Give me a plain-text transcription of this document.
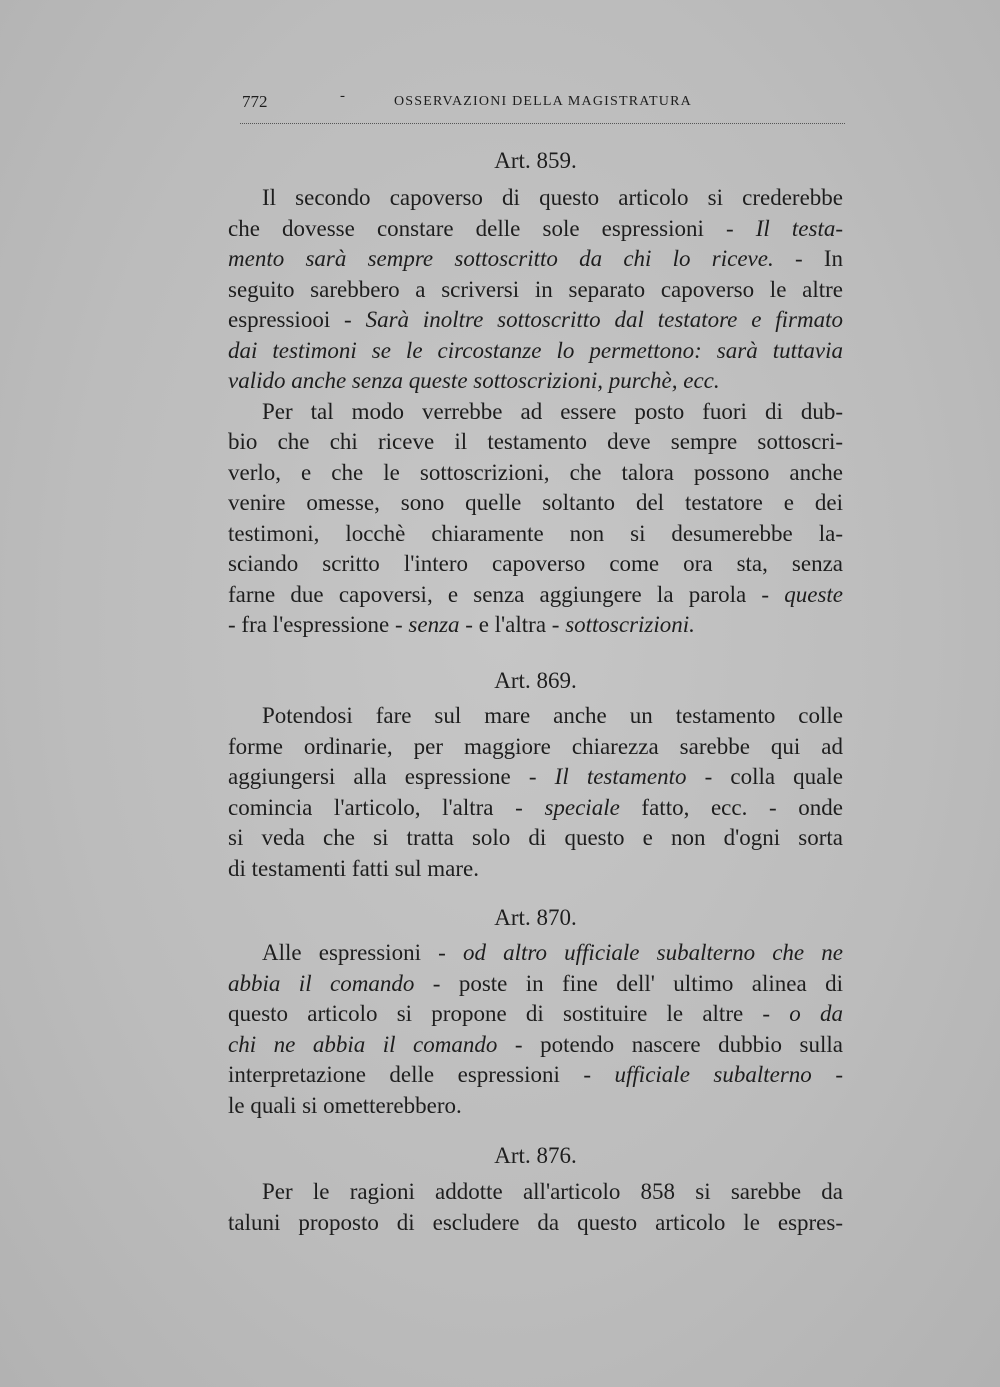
772	-	OSSERVAZIONI DELLA MAGISTRATURA
Art. 859.
Il secondo capoverso di questo articolo si crederebbe
che dovesse constare delle sole espressioni - Il testa-
mento sarà sempre sottoscritto da chi lo riceve. - In
seguito sarebbero a scriversi in separato capoverso le altre
espressiooi - Sarà inoltre sottoscritto dal testatore e firmato
dai testimoni se le circostanze lo permettono: sarà tuttavia
valido anche senza queste sottoscrizioni, purchè, ecc.
Per tal modo verrebbe ad essere posto fuori di dub-
bio che chi riceve il testamento deve sempre sottoscri-
verlo, e che le sottoscrizioni, che talora possono anche
venire omesse, sono quelle soltanto del testatore e dei
testimoni, locchè chiaramente non si desumerebbe la-
sciando scritto l'intero capoverso come ora sta, senza
farne due capoversi, e senza aggiungere la parola - queste
- fra l'espressione - senza - e l'altra - sottoscrizioni.
Art. 869.
Potendosi fare sul mare anche un testamento colle
forme ordinarie, per maggiore chiarezza sarebbe qui ad
aggiungersi alla espressione - Il testamento - colla quale
comincia l'articolo, l'altra - speciale fatto, ecc. - onde
si veda che si tratta solo di questo e non d'ogni sorta
di testamenti fatti sul mare.
Art. 870.
Alle espressioni - od altro ufficiale subalterno che ne
abbia il comando - poste in fine dell' ultimo alinea di
questo articolo si propone di sostituire le altre - o da
chi ne abbia il comando - potendo nascere dubbio sulla
interpretazione delle espressioni - ufficiale subalterno -
le quali si ometterebbero.
Art. 876.
Per le ragioni addotte all'articolo 858 si sarebbe da
taluni proposto di escludere da questo articolo le espres-
